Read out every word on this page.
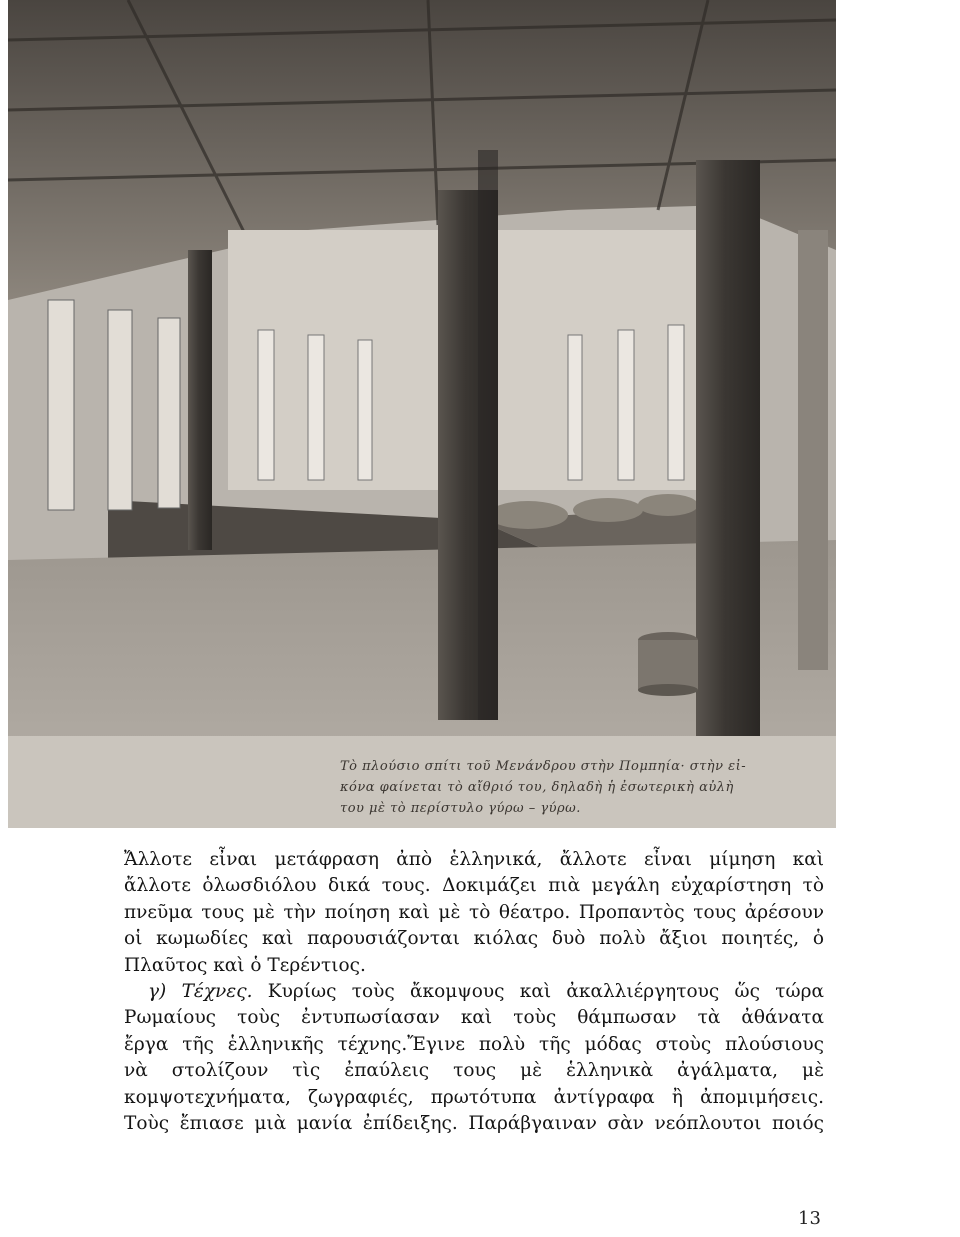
Τὸ πλούσιο σπίτι τοῦ Μενάνδρου στὴν Πομπηία· στὴν εἰ-
κόνα φαίνεται τὸ αἴθριό του, δηλαδὴ ἡ ἐσωτερικὴ αὐλὴ
του μὲ τὸ περίστυλο γύρω – γύρω.
Ἄλλοτε εἶναι μετάφραση ἀπὸ ἑλληνικά, ἄλλοτε εἶναι μίμηση καὶ
ἄλλοτε ὁλωσδιόλου δικά τους. Δοκιμάζει πιὰ μεγάλη εὐχαρίστηση τὸ
πνεῦμα τους μὲ τὴν ποίηση καὶ μὲ τὸ θέατρο. Προπαντὸς τους ἀρέσουν
οἱ κωμωδίες καὶ παρουσιάζονται κιόλας δυὸ πολὺ ἄξιοι ποιητές, ὁ
Πλαῦτος καὶ ὁ Τερέντιος.
γ) Τέχνες. Κυρίως τοὺς ἄκομψους καὶ ἀκαλλιέργητους ὥς τώρα
Ρωμαίους τοὺς ἐντυπωσίασαν καὶ τοὺς θάμπωσαν τὰ ἀθάνατα
ἔργα τῆς ἑλληνικῆς τέχνης.Ἔγινε πολὺ τῆς μόδας στοὺς πλούσιους
νὰ στολίζουν τὶς ἐπαύλεις τους μὲ ἑλληνικὰ ἀγάλματα, μὲ
κομψοτεχνήματα, ζωγραφιές, πρωτότυπα ἀντίγραφα ἢ ἀπομιμήσεις.
Τοὺς ἔπιασε μιὰ μανία ἐπίδειξης. Παράβγαιναν σὰν νεόπλουτοι ποιός
13
